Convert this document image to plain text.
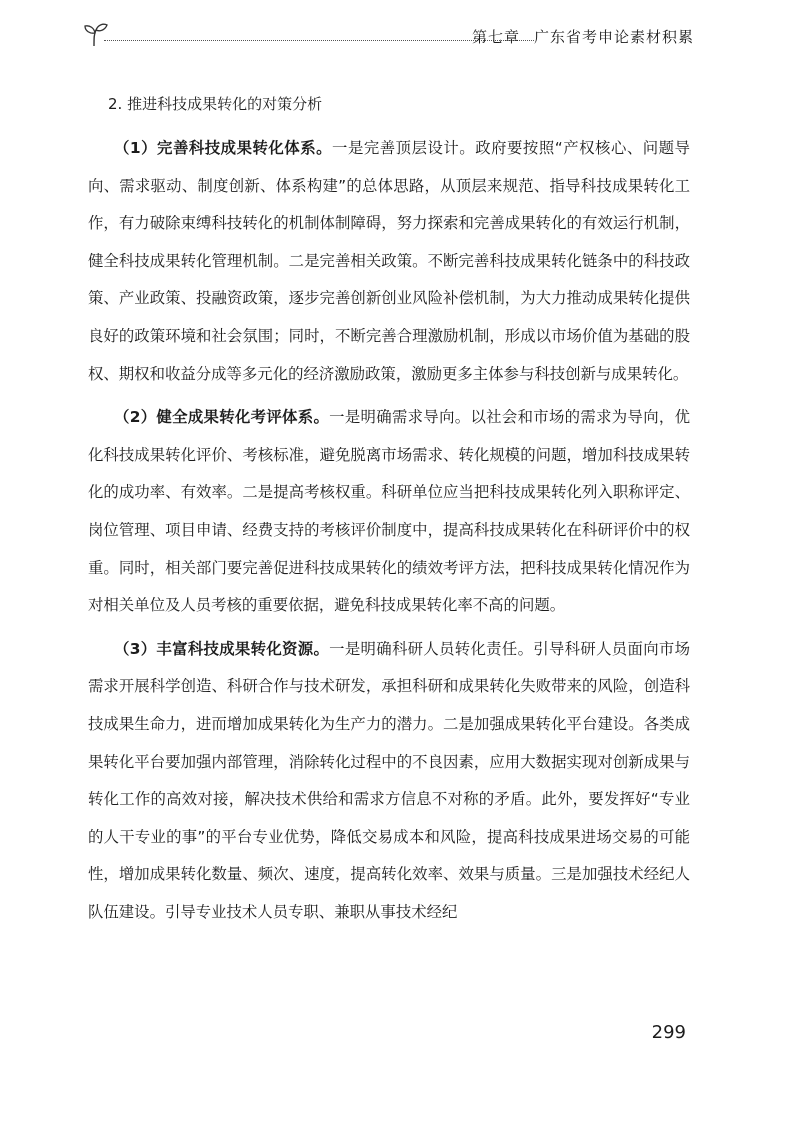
第七章 广东省考申论素材积累
2. 推进科技成果转化的对策分析

（1）完善科技成果转化体系。一是完善顶层设计。政府要按照“产权核心、问题导向、需求驱动、制度创新、体系构建”的总体思路，从顶层来规范、指导科技成果转化工作，有力破除束缚科技转化的机制体制障碍，努力探索和完善成果转化的有效运行机制，健全科技成果转化管理机制。二是完善相关政策。不断完善科技成果转化链条中的科技政策、产业政策、投融资政策，逐步完善创新创业风险补偿机制，为大力推动成果转化提供良好的政策环境和社会氛围；同时，不断完善合理激励机制，形成以市场价值为基础的股权、期权和收益分成等多元化的经济激励政策，激励更多主体参与科技创新与成果转化。

（2）健全成果转化考评体系。一是明确需求导向。以社会和市场的需求为导向，优化科技成果转化评价、考核标准，避免脱离市场需求、转化规模的问题，增加科技成果转化的成功率、有效率。二是提高考核权重。科研单位应当把科技成果转化列入职称评定、岗位管理、项目申请、经费支持的考核评价制度中，提高科技成果转化在科研评价中的权重。同时，相关部门要完善促进科技成果转化的绩效考评方法，把科技成果转化情况作为对相关单位及人员考核的重要依据，避免科技成果转化率不高的问题。

（3）丰富科技成果转化资源。一是明确科研人员转化责任。引导科研人员面向市场需求开展科学创造、科研合作与技术研发，承担科研和成果转化失败带来的风险，创造科技成果生命力，进而增加成果转化为生产力的潜力。二是加强成果转化平台建设。各类成果转化平台要加强内部管理，消除转化过程中的不良因素，应用大数据实现对创新成果与转化工作的高效对接，解决技术供给和需求方信息不对称的矛盾。此外，要发挥好“专业的人干专业的事”的平台专业优势，降低交易成本和风险，提高科技成果进场交易的可能性，增加成果转化数量、频次、速度，提高转化效率、效果与质量。三是加强技术经纪人队伍建设。引导专业技术人员专职、兼职从事技术经纪

299
